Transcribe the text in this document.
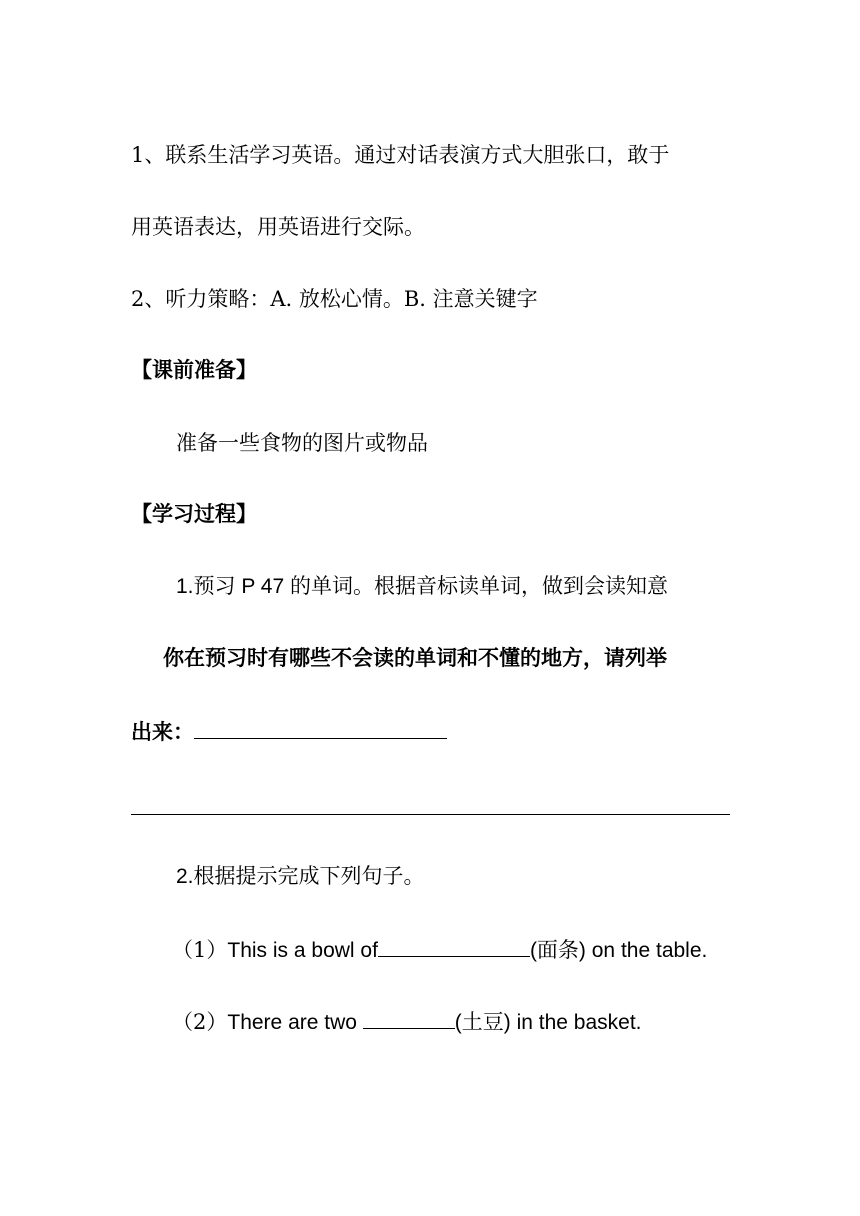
1、联系生活学习英语。通过对话表演方式大胆张口，敢于
用英语表达，用英语进行交际。
2、听力策略：A. 放松心情。B. 注意关键字
【课前准备】
准备一些食物的图片或物品
【学习过程】
1.预习 P 47 的单词。根据音标读单词，做到会读知意
你在预习时有哪些不会读的单词和不懂的地方，请列举
出来：
2.根据提示完成下列句子。
（1）This is a bowl of	(面条) on the table.
（2）There are two	(土豆) in the basket.
